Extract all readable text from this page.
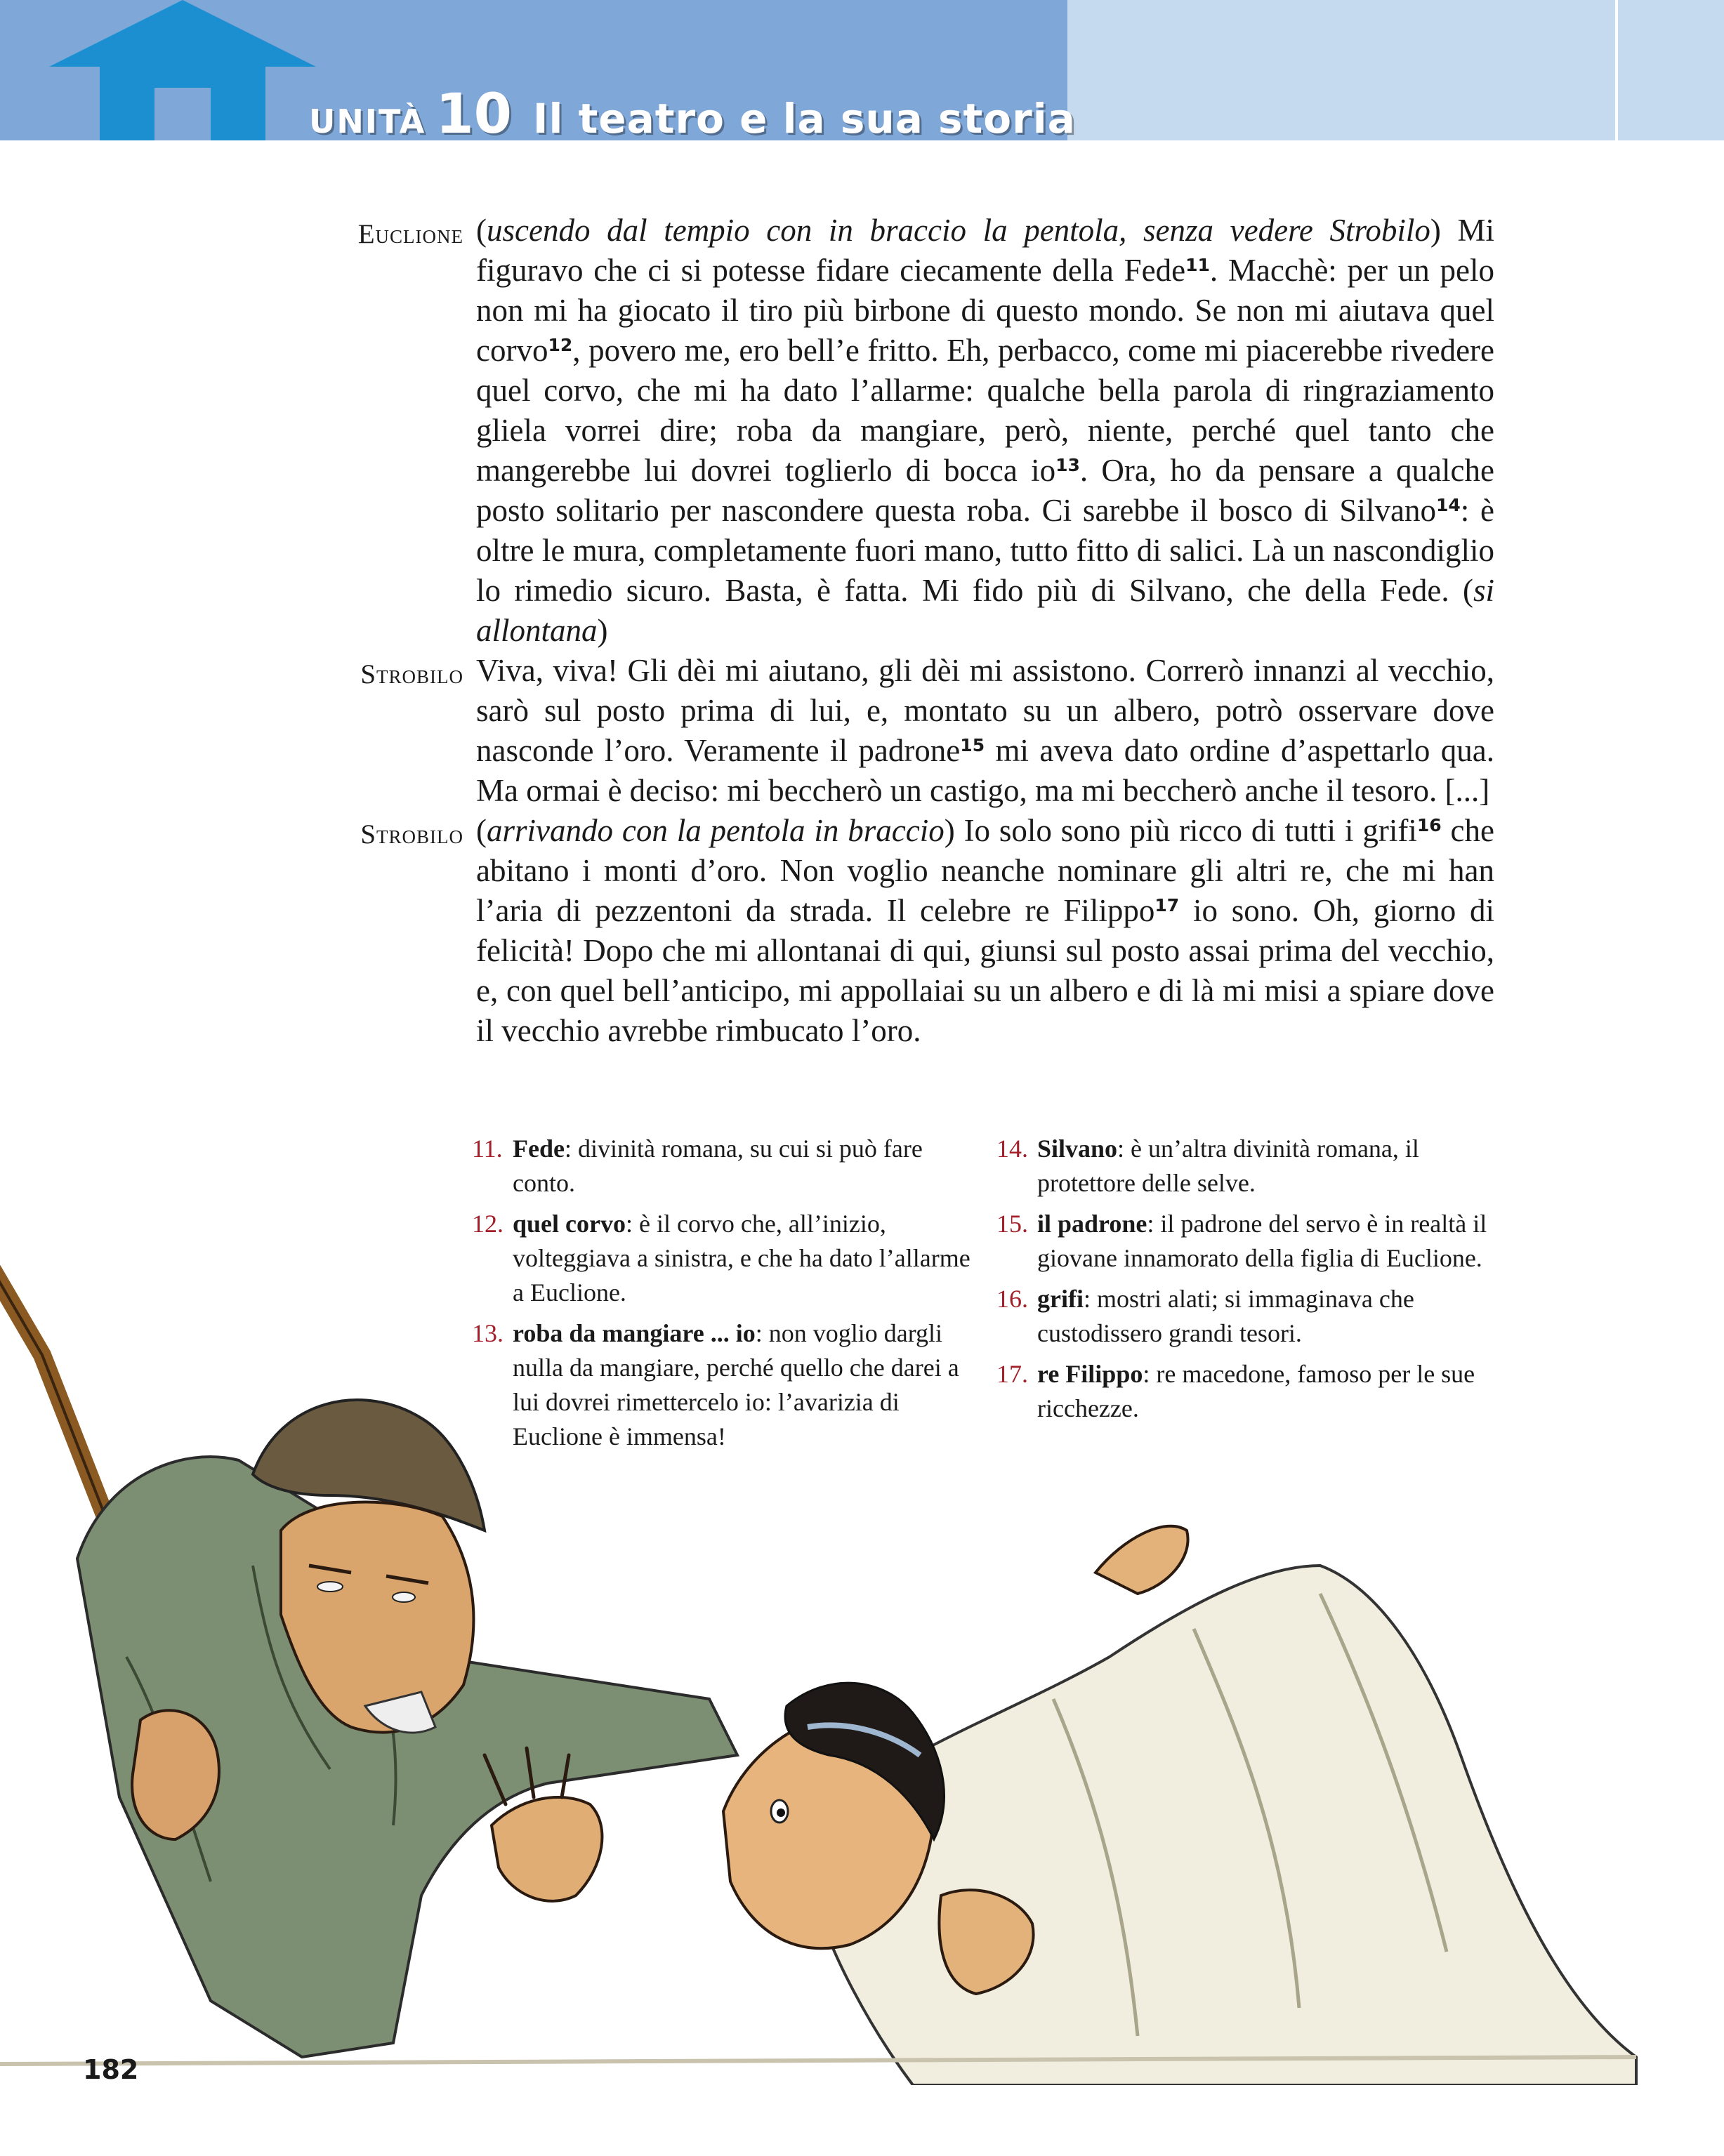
UNITÀ 10 Il teatro e la sua storia
Euclione (uscendo dal tempio con in braccio la pentola, senza vedere Strobilo) Mi figuravo che ci si potesse fidare ciecamente della Fede$^{11}$. Macchè: per un pelo non mi ha giocato il tiro più birbone di questo mondo. Se non mi aiutava quel corvo$^{12}$, povero me, ero bell’e fritto. Eh, perbacco, come mi piacerebbe rivedere quel corvo, che mi ha dato l’allarme: qualche bella parola di ringraziamento gliela vorrei dire; roba da mangiare, però, niente, perché quel tanto che mangerebbe lui dovrei toglierlo di bocca $io^{13}$. Ora, ho da pensare a qualche posto solitario per nascondere questa roba. Ci sarebbe il bosco di Silvano$^{14}$: è oltre le mura, completamente fuori mano, tutto fitto di salici. Là un nascondiglio lo rimedio sicuro. Basta, è fatta. Mi fido più di Silvano, che della Fede. (si allontana)
Strobilo Viva, viva! Gli dèi mi aiutano, gli dèi mi assistono. Correrò innanzi al vecchio, sarò sul posto prima di lui, e, montato su un albero, potrò osservare dove nasconde l’oro. Veramente il padrone$^{15}$ mi aveva dato ordine d’aspettarlo qua. Ma ormai è deciso: mi beccherò un castigo, ma mi beccherò anche il tesoro. [...]
Strobilo (arrivando con la pentola in braccio) Io solo sono più ricco di tutti i grifi$^{16}$ che abitano i monti d’oro. Non voglio neanche nominare gli altri re, che mi han l’aria di pezzentoni da strada. Il celebre re Filippo$^{17}$ io sono. Oh, giorno di felicità! Dopo che mi allontanai di qui, giunsi sul posto assai prima del vecchio, e, con quel bell’anticipo, mi appollaiai su un albero e di là mi misi a spiare dove il vecchio avrebbe rimbucato l’oro.
11. Fede: divinità romana, su cui si può fare conto.
12. quel corvo: è il corvo che, all’inizio, volteggiava a sinistra, e che ha dato l’allarme a Euclione.
13. roba da mangiare ... io: non voglio dargli nulla da mangiare, perché quello che darei a lui dovrei rimettercelo io: l’avarizia di Euclione è immensa!
14. Silvano: è un’altra divinità romana, il protettore delle selve.
15. il padrone: il padrone del servo è in realtà il giovane innamorato della figlia di Euclione.
16. grifi: mostri alati; si immaginava che custodissero grandi tesori.
17. re Filippo: re macedone, famoso per le sue ricchezze.
182
